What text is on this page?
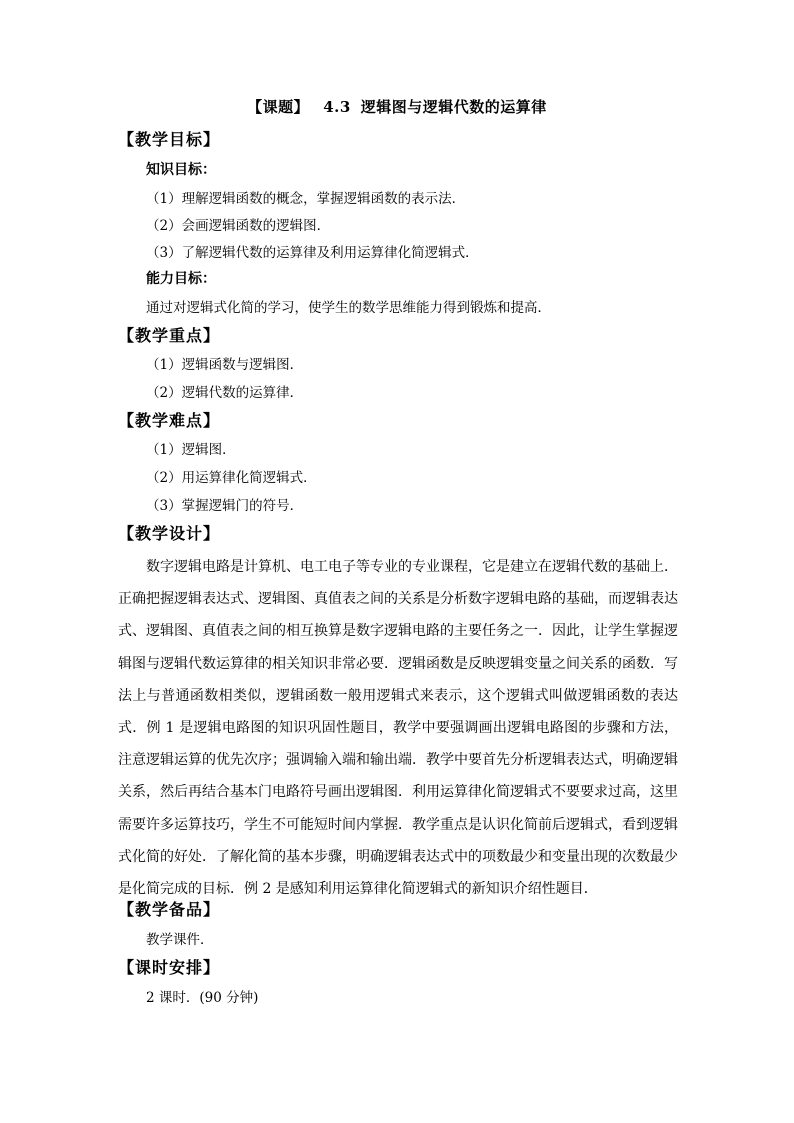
【课题】 4.3 逻辑图与逻辑代数的运算律
【教学目标】
知识目标：
（1）理解逻辑函数的概念，掌握逻辑函数的表示法．
（2）会画逻辑函数的逻辑图．
（3）了解逻辑代数的运算律及利用运算律化简逻辑式．
能力目标：
通过对逻辑式化简的学习，使学生的数学思维能力得到锻炼和提高．
【教学重点】
（1）逻辑函数与逻辑图．
（2）逻辑代数的运算律．
【教学难点】
（1）逻辑图．
（2）用运算律化简逻辑式．
（3）掌握逻辑门的符号．
【教学设计】
数字逻辑电路是计算机、电工电子等专业的专业课程，它是建立在逻辑代数的基础上．正确把握逻辑表达式、逻辑图、真值表之间的关系是分析数字逻辑电路的基础，而逻辑表达式、逻辑图、真值表之间的相互换算是数字逻辑电路的主要任务之一．因此，让学生掌握逻辑图与逻辑代数运算律的相关知识非常必要．逻辑函数是反映逻辑变量之间关系的函数．写法上与普通函数相类似，逻辑函数一般用逻辑式来表示，这个逻辑式叫做逻辑函数的表达式．例 1 是逻辑电路图的知识巩固性题目，教学中要强调画出逻辑电路图的步骤和方法，注意逻辑运算的优先次序；强调输入端和输出端．教学中要首先分析逻辑表达式，明确逻辑关系，然后再结合基本门电路符号画出逻辑图．利用运算律化简逻辑式不要要求过高，这里需要许多运算技巧，学生不可能短时间内掌握．教学重点是认识化简前后逻辑式，看到逻辑式化简的好处．了解化简的基本步骤，明确逻辑表达式中的项数最少和变量出现的次数最少是化简完成的目标．例 2 是感知利用运算律化简逻辑式的新知识介绍性题目．
【教学备品】
教学课件．
【课时安排】
2 课时．(90 分钟)
